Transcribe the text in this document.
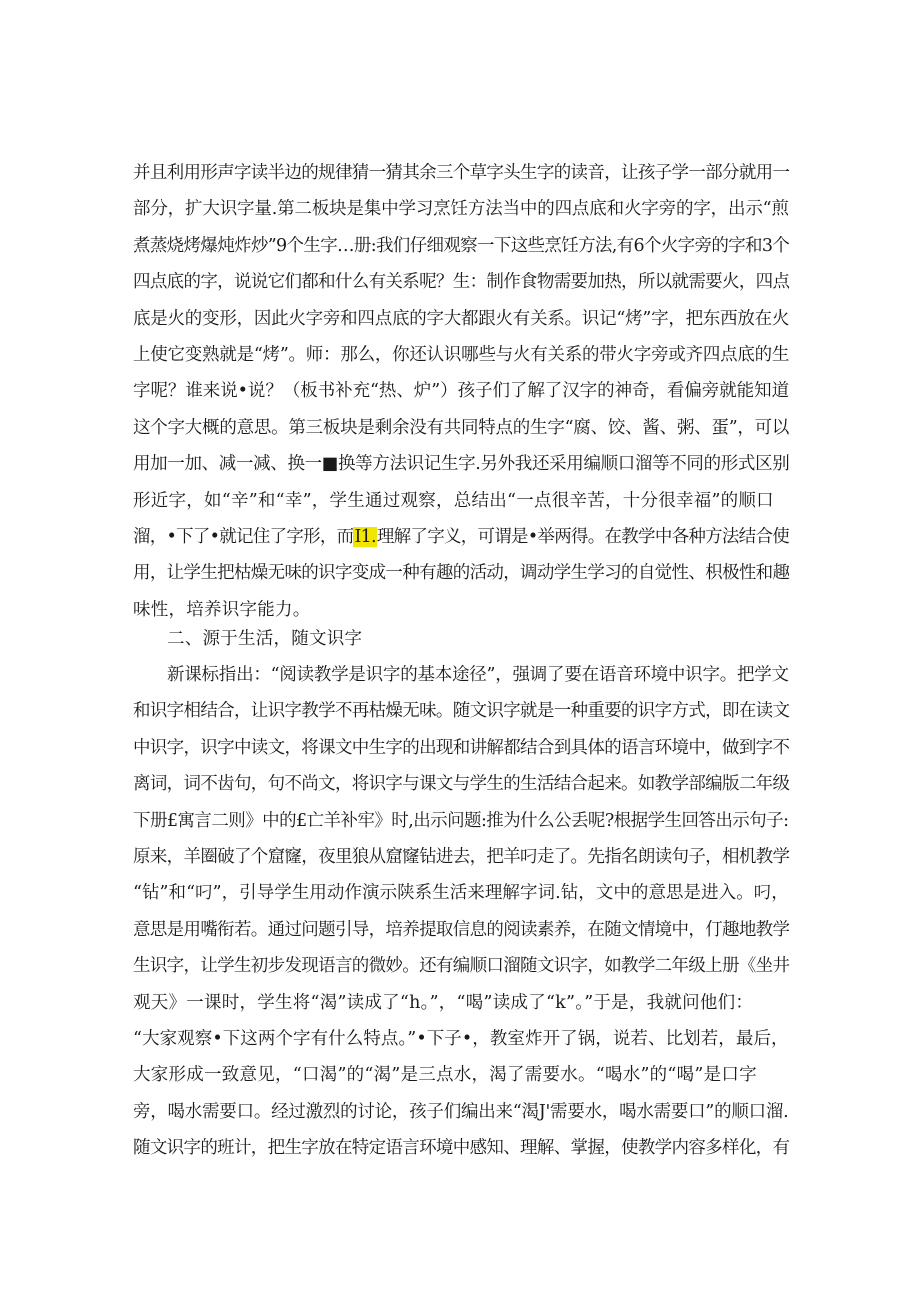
并且利用形声字读半边的规律猜一猜其余三个草字头生字的读音，让孩子学一部分就用一
部分，扩大识字量.第二板块是集中学习烹饪方法当中的四点底和火字旁的字，出示“煎
煮蒸烧烤爆炖炸炒”9个生字…册:我们仔细观察一下这些烹饪方法,有6个火字旁的字和3个
四点底的字，说说它们都和什么有关系呢？生：制作食物需要加热，所以就需要火，四点
底是火的变形，因此火字旁和四点底的字大都跟火有关系。识记“烤”字，把东西放在火
上使它变熟就是“烤”。师：那么，你还认识哪些与火有关系的带火字旁或齐四点底的生
字呢？谁来说•说？（板书补充“热、炉”）孩子们了解了汉字的神奇，看偏旁就能知道
这个字大概的意思。第三板块是剩余没有共同特点的生字“腐、饺、酱、粥、蛋”，可以
用加一加、减一减、换一■换等方法识记生字.另外我还采用编顺口溜等不同的形式区别
形近字，如“辛”和“幸”，学生通过观察，总结出“一点很辛苦，十分很幸福”的顺口
溜，•下了•就记住了字形，而I1.理解了字义，可谓是•举两得。在教学中各种方法结合使
用，让学生把枯燥无味的识字变成一种有趣的活动，调动学生学习的自觉性、枳极性和趣
味性，培养识字能力。
二、源于生活，随文识字
新课标指出：“阅读教学是识字的基本途径”，强调了要在语音环境中识字。把学文
和识字相结合，让识字教学不再枯燥无味。随文识字就是一种重要的识字方式，即在读文
中识字，识字中读文，将课文中生字的出现和讲解都结合到具体的语言环境中，做到字不
离词，词不齿句，句不尚文，将识字与课文与学生的生活结合起来。如教学部编版二年级
下册£寓言二则》中的£亡羊补牢》时,出示问题:推为什么公丢呢?根据学生回答出示句子:
原来，羊圈破了个窟窿，夜里狼从窟窿钻进去，把羊叼走了。先指名朗读句子，相机教学
“钻”和“叼”，引导学生用动作演示陕系生活来理解字词.钻，文中的意思是进入。叼，
意思是用嘴衔若。通过问题引导，培养提取信息的阅读素养，在随文情境中，仃趣地教学
生识字，让学生初步发现语言的微妙。还有编顺口溜随文识字，如教学二年级上册《坐井
观天》一课时，学生将“渴”读成了“h。”，“喝”读成了“k”。”于是，我就问他们：
“大家观察•下这两个字有什么特点。”•下子•，教室炸开了锅，说若、比划若，最后，
大家形成一致意见，“口渴”的“渴”是三点水，渴了需要水。“喝水”的“喝”是口字
旁，喝水需要口。经过激烈的讨论，孩子们编出来“渴J'需要水，喝水需要口”的顺口溜.
随文识字的班计，把生字放在特定语言环境中感知、理解、掌握，使教学内容多样化，有
